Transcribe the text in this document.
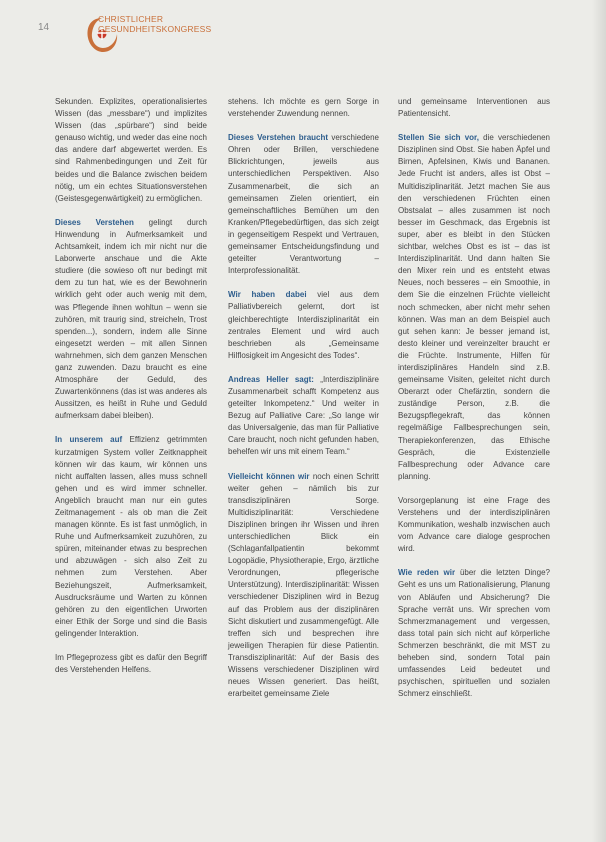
14
CHRISTLICHER
GESUNDHEITSKONGRESS

Sekunden. Explizites, operationalisiertes Wissen (das „messbare“) und implizites Wissen (das „spürbare“) sind beide genauso wichtig, und weder das eine noch das andere darf abgewertet werden. Es sind Rahmenbedingungen und Zeit für beides und die Balance zwischen beidem nötig, um ein echtes Situationsverstehen (Geistesgegenwärtigkeit) zu ermöglichen.

Dieses Verstehen gelingt durch Hinwendung in Aufmerksamkeit und Achtsamkeit, indem ich mir nicht nur die Laborwerte anschaue und die Akte studiere (die sowieso oft nur bedingt mit dem zu tun hat, wie es der Bewohnerin wirklich geht oder auch wenig mit dem, was Pflegende ihnen wohltun – wenn sie zuhören, mit traurig sind, streicheln, Trost spenden...), sondern, indem alle Sinne eingesetzt werden – mit allen Sinnen wahrnehmen, sich dem ganzen Menschen ganz zuwenden. Dazu braucht es eine Atmosphäre der Geduld, des Zuwartenkönnens (das ist was anderes als Aussitzen, es heißt in Ruhe und Geduld aufmerksam dabei bleiben).

In unserem auf Effizienz getrimmten kurzatmigen System voller Zeitknappheit können wir das kaum, wir können uns nicht auffalten lassen, alles muss schnell gehen und es wird immer schneller. Angeblich braucht man nur ein gutes Zeitmanagement - als ob man die Zeit managen könnte. Es ist fast unmöglich, in Ruhe und Aufmerksamkeit zuzuhören, zu spüren, miteinander etwas zu besprechen und abzuwägen - sich also Zeit zu nehmen zum Verstehen. Aber Beziehungszeit, Aufmerksamkeit, Ausdrucksräume und Warten zu können gehören zu den eigentlichen Urworten einer Ethik der Sorge und sind die Basis gelingender Interaktion.

Im Pflegeprozess gibt es dafür den Begriff des Verstehenden Helfens.

stehens. Ich möchte es gern Sorge in verstehender Zuwendung nennen.

Dieses Verstehen braucht verschiedene Ohren oder Brillen, verschiedene Blickrichtungen, jeweils aus unterschiedlichen Perspektiven. Also Zusammenarbeit, die sich an gemeinsamen Zielen orientiert, ein gemeinschaftliches Bemühen um den Kranken/Pflegebedürftigen, das sich zeigt in gegenseitigem Respekt und Vertrauen, gemeinsamer Entscheidungsfindung und geteilter Verantwortung – Interprofessionalität.

Wir haben dabei viel aus dem Palliativbereich gelernt, dort ist gleichberechtigte Interdisziplinarität ein zentrales Element und wird auch beschrieben als „Gemeinsame Hilflosigkeit im Angesicht des Todes“.

Andreas Heller sagt: „Interdisziplinäre Zusammenarbeit schafft Kompetenz aus geteilter Inkompetenz.“ Und weiter in Bezug auf Palliative Care: „So lange wir das Universalgenie, das man für Palliative Care braucht, noch nicht gefunden haben, behelfen wir uns mit einem Team.“

Vielleicht können wir noch einen Schritt weiter gehen – nämlich bis zur transdisziplinären Sorge. Multidisziplinarität: Verschiedene Disziplinen bringen ihr Wissen und ihren unterschiedlichen Blick ein (Schlaganfallpatientin bekommt Logopädie, Physiotherapie, Ergo, ärztliche Verordnungen, pflegerische Unterstützung). Interdisziplinarität: Wissen verschiedener Disziplinen wird in Bezug auf das Problem aus der disziplinären Sicht diskutiert und zusammengefügt. Alle treffen sich und besprechen ihre jeweiligen Therapien für diese Patientin. Transdisziplinarität: Auf der Basis des Wissens verschiedener Disziplinen wird neues Wissen generiert. Das heißt, erarbeitet gemeinsame Ziele

und gemeinsame Interventionen aus Patientensicht.

Stellen Sie sich vor, die verschiedenen Disziplinen sind Obst. Sie haben Äpfel und Birnen, Apfelsinen, Kiwis und Bananen. Jede Frucht ist anders, alles ist Obst – Multidisziplinarität. Jetzt machen Sie aus den verschiedenen Früchten einen Obstsalat – alles zusammen ist noch besser im Geschmack, das Ergebnis ist super, aber es bleibt in den Stücken sichtbar, welches Obst es ist – das ist Interdisziplinarität. Und dann halten Sie den Mixer rein und es entsteht etwas Neues, noch besseres – ein Smoothie, in dem Sie die einzelnen Früchte vielleicht noch schmecken, aber nicht mehr sehen können. Was man an dem Beispiel auch gut sehen kann: Je besser jemand ist, desto kleiner und vereinzelter braucht er die Früchte. Instrumente, Hilfen für interdisziplinäres Handeln sind z.B. gemeinsame Visiten, geleitet nicht durch Oberarzt oder Chefärztin, sondern die zuständige Person, z.B. die Bezugspflegekraft, das können regelmäßige Fallbesprechungen sein, Therapiekonferenzen, das Ethische Gespräch, die Existenzielle Fallbesprechung oder Advance care planning.

Vorsorgeplanung ist eine Frage des Verstehens und der interdisziplinären Kommunikation, weshalb inzwischen auch vom Advance care dialoge gesprochen wird.

Wie reden wir über die letzten Dinge? Geht es uns um Rationalisierung, Planung von Abläufen und Absicherung? Die Sprache verrät uns. Wir sprechen vom Schmerzmanagement und vergessen, dass total pain sich nicht auf körperliche Schmerzen beschränkt, die mit MST zu beheben sind, sondern Total pain umfassendes Leid bedeutet und psychischen, spirituellen und sozialen Schmerz einschließt.
